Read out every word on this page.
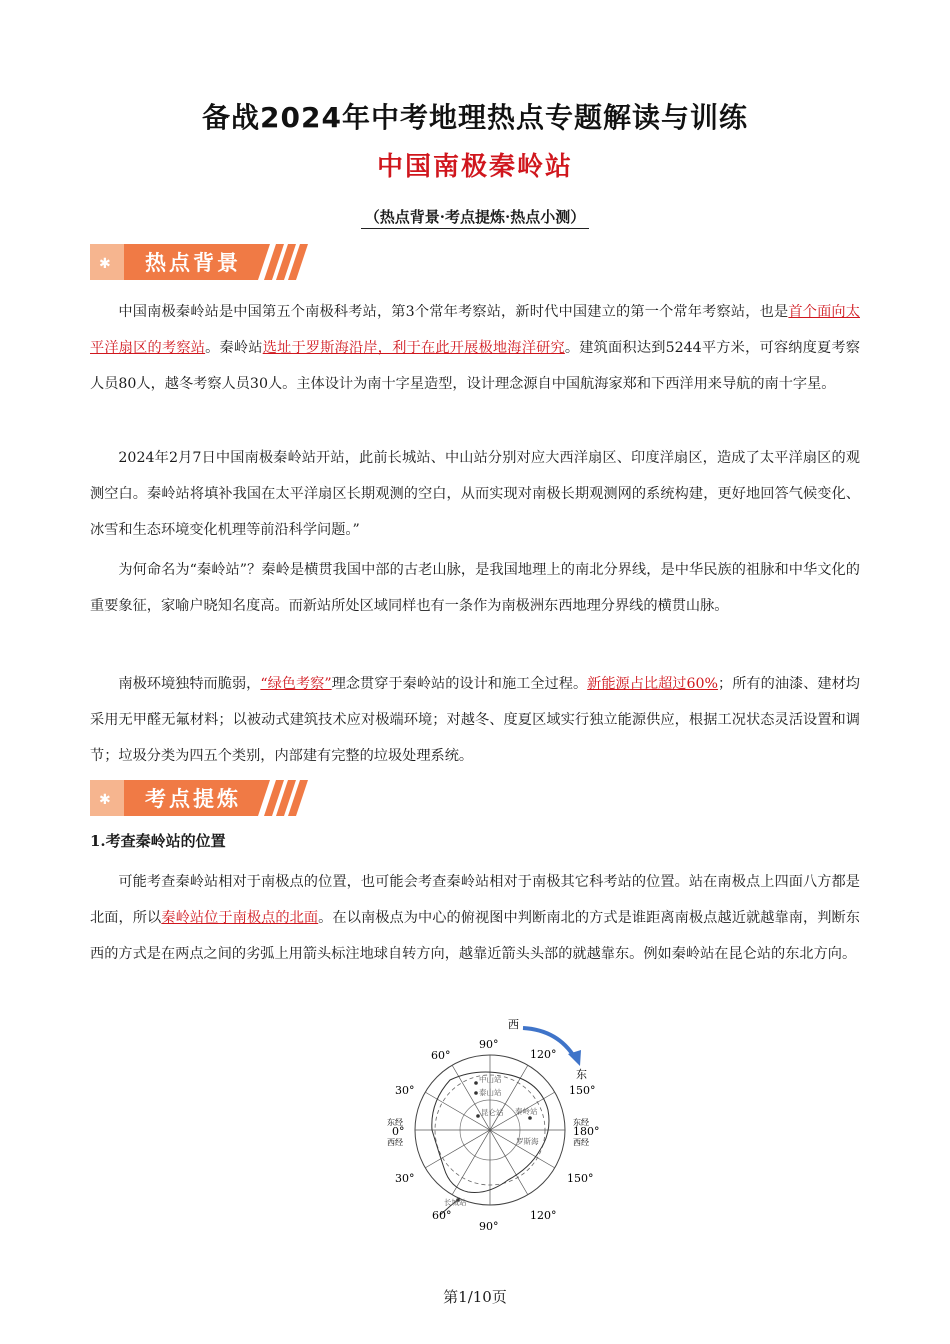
备战2024年中考地理热点专题解读与训练
中国南极秦岭站
（热点背景·考点提炼·热点小测）
✱ 热点背景

中国南极秦岭站是中国第五个南极科考站，第3个常年考察站，新时代中国建立的第一个常年考察站，也是首个面向太平洋扇区的考察站。秦岭站选址于罗斯海沿岸，利于在此开展极地海洋研究。建筑面积达到5244平方米，可容纳度夏考察人员80人，越冬考察人员30人。主体设计为南十字星造型，设计理念源自中国航海家郑和下西洋用来导航的南十字星。

2024年2月7日中国南极秦岭站开站，此前长城站、中山站分别对应大西洋扇区、印度洋扇区，造成了太平洋扇区的观测空白。秦岭站将填补我国在太平洋扇区长期观测的空白，从而实现对南极长期观测网的系统构建，更好地回答气候变化、冰雪和生态环境变化机理等前沿科学问题。”

为何命名为“秦岭站”？秦岭是横贯我国中部的古老山脉，是我国地理上的南北分界线，是中华民族的祖脉和中华文化的重要象征，家喻户晓知名度高。而新站所处区域同样也有一条作为南极洲东西地理分界线的横贯山脉。

南极环境独特而脆弱，“绿色考察”理念贯穿于秦岭站的设计和施工全过程。新能源占比超过60%；所有的油漆、建材均采用无甲醛无氟材料；以被动式建筑技术应对极端环境；对越冬、度夏区域实行独立能源供应，根据工况状态灵活设置和调节；垃圾分类为四五个类别，内部建有完整的垃圾处理系统。

✱ 考点提炼
1.考查秦岭站的位置

可能考查秦岭站相对于南极点的位置，也可能会考查秦岭站相对于南极其它科考站的位置。站在南极点上四面八方都是北面，所以秦岭站位于南极点的北面。在以南极点为中心的俯视图中判断南北的方式是谁距离南极点越近就越靠南，判断东西的方式是在两点之间的劣弧上用箭头标注地球自转方向，越靠近箭头头部的就越靠东。例如秦岭站在昆仑站的东北方向。

西
东
60°
90°
120°
30°	150°
东经
0°
西经
东经
180°
西经
30°	150°
60°
90°
120°
中山站
泰山站
昆仑站 秦岭站
罗斯海
长城站
第1/10页
